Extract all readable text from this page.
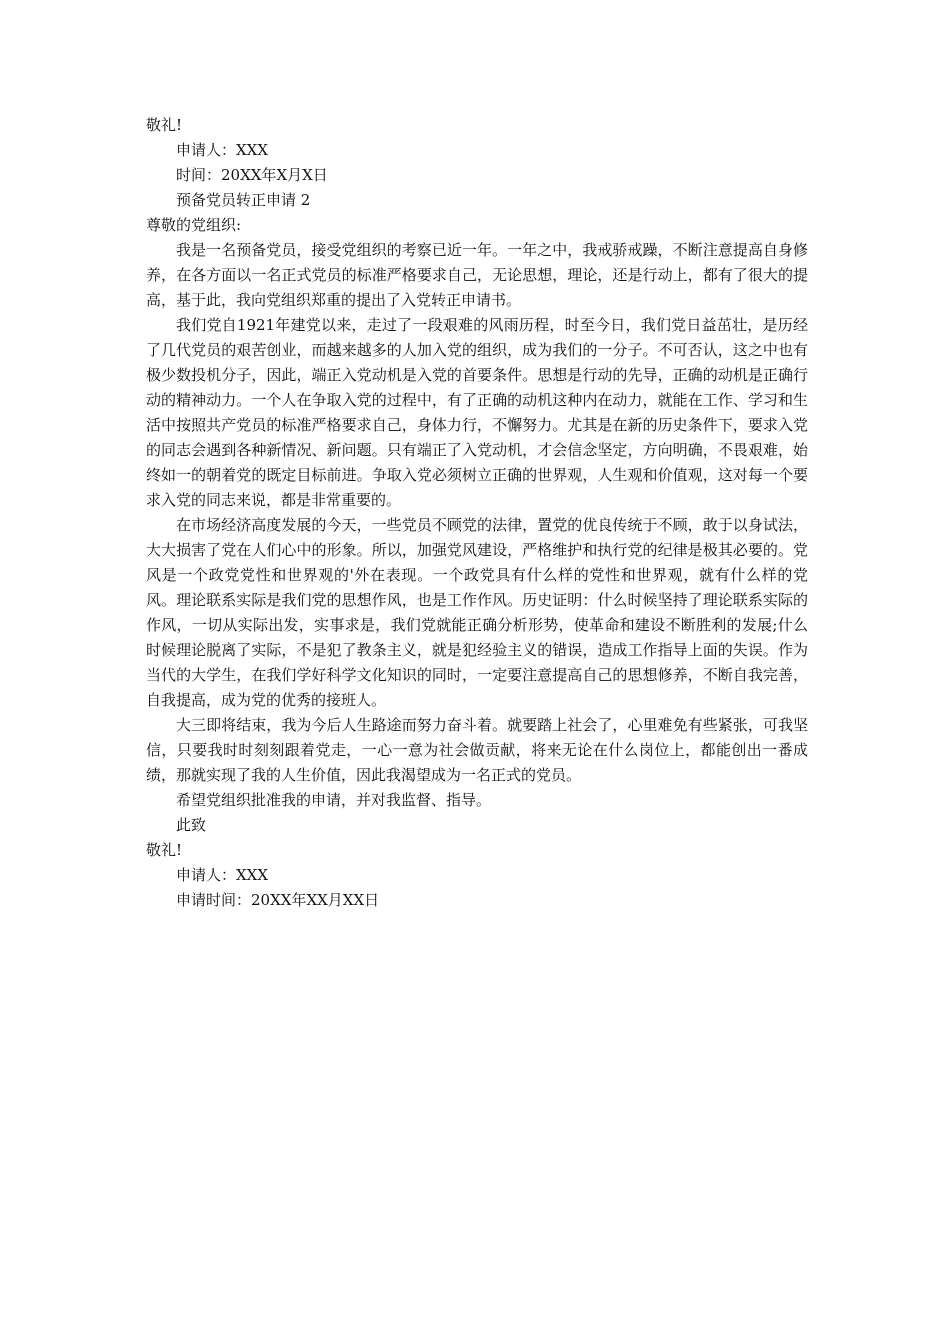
敬礼!

申请人：XXX

时间：20XX年X月X日

预备党员转正申请 2

尊敬的党组织:

我是一名预备党员，接受党组织的考察已近一年。一年之中，我戒骄戒躁，不断注意提高自身修养，在各方面以一名正式党员的标准严格要求自己，无论思想，理论，还是行动上，都有了很大的提高，基于此，我向党组织郑重的提出了入党转正申请书。

我们党自1921年建党以来，走过了一段艰难的风雨历程，时至今日，我们党日益茁壮，是历经了几代党员的艰苦创业，而越来越多的人加入党的组织，成为我们的一分子。不可否认，这之中也有极少数投机分子，因此，端正入党动机是入党的首要条件。思想是行动的先导，正确的动机是正确行动的精神动力。一个人在争取入党的过程中，有了正确的动机这种内在动力，就能在工作、学习和生活中按照共产党员的标准严格要求自己，身体力行，不懈努力。尤其是在新的历史条件下，要求入党的同志会遇到各种新情况、新问题。只有端正了入党动机，才会信念坚定，方向明确，不畏艰难，始终如一的朝着党的既定目标前进。争取入党必须树立正确的世界观，人生观和价值观，这对每一个要求入党的同志来说，都是非常重要的。

在市场经济高度发展的今天，一些党员不顾党的法律，置党的优良传统于不顾，敢于以身试法，大大损害了党在人们心中的形象。所以，加强党风建设，严格维护和执行党的纪律是极其必要的。党风是一个政党党性和世界观的'外在表现。一个政党具有什么样的党性和世界观，就有什么样的党风。理论联系实际是我们党的思想作风，也是工作作风。历史证明：什么时候坚持了理论联系实际的作风，一切从实际出发，实事求是，我们党就能正确分析形势，使革命和建设不断胜利的发展;什么时候理论脱离了实际，不是犯了教条主义，就是犯经验主义的错误，造成工作指导上面的失误。作为当代的大学生，在我们学好科学文化知识的同时，一定要注意提高自己的思想修养，不断自我完善，自我提高，成为党的优秀的接班人。

大三即将结束，我为今后人生路途而努力奋斗着。就要踏上社会了，心里难免有些紧张，可我坚信，只要我时时刻刻跟着党走，一心一意为社会做贡献，将来无论在什么岗位上，都能创出一番成绩，那就实现了我的人生价值，因此我渴望成为一名正式的党员。

希望党组织批准我的申请，并对我监督、指导。

此致

敬礼!

申请人：XXX

申请时间：20XX年XX月XX日
